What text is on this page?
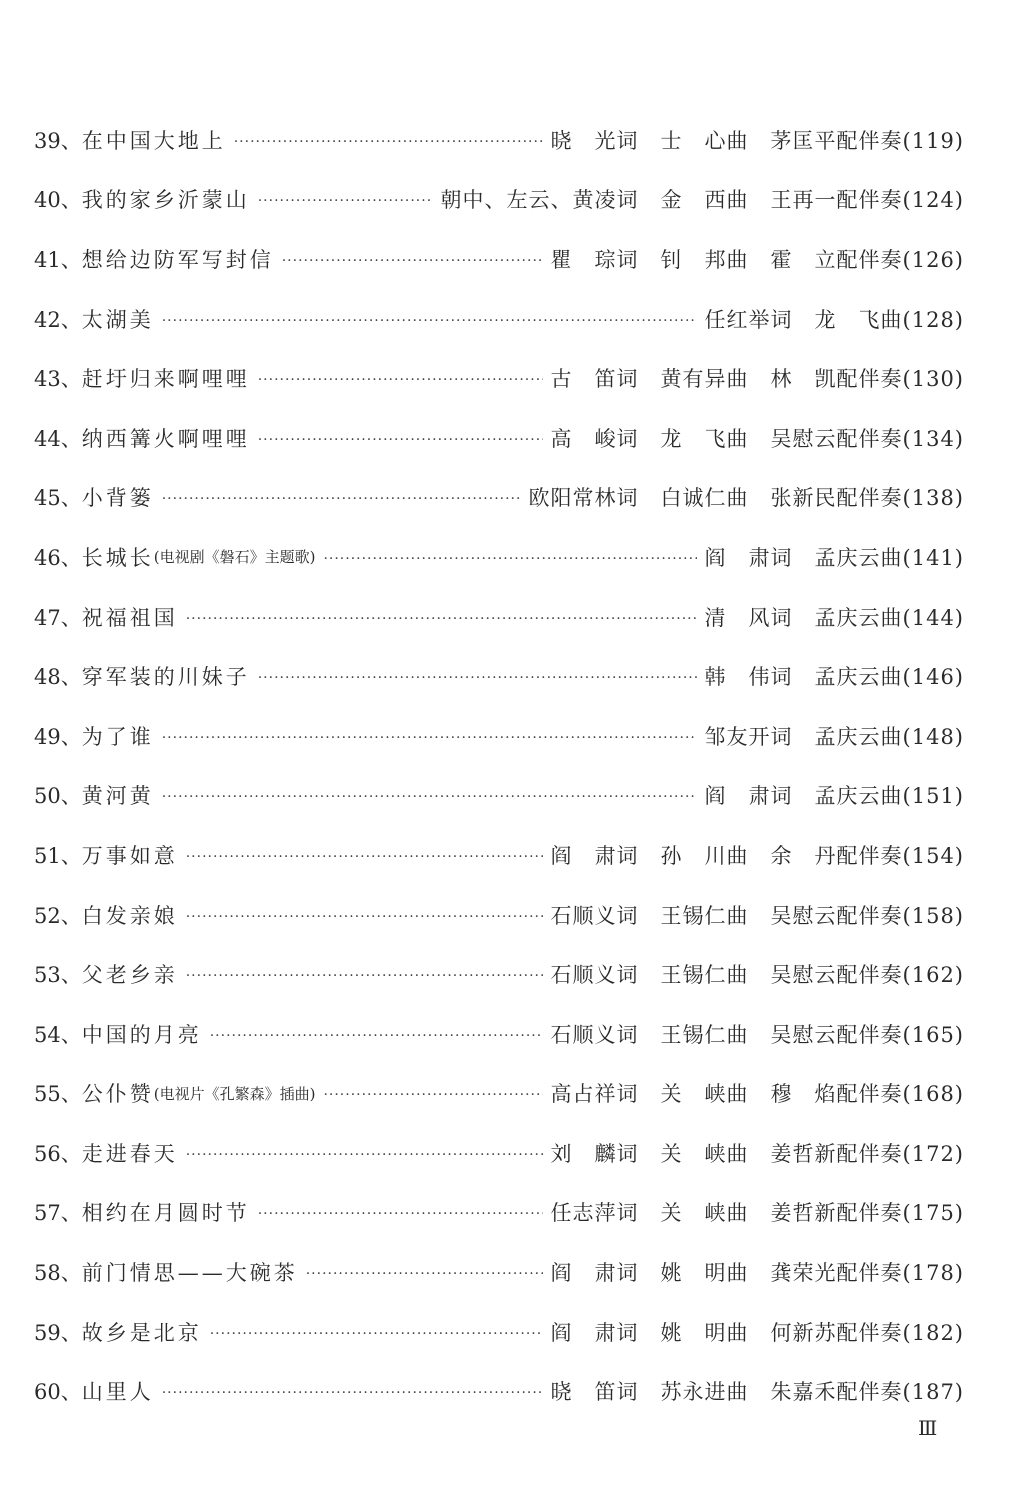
39、 在中国大地上 ·····	晓　光词　士　心曲　茅匡平配伴奏(119)
40、 我的家乡沂蒙山 ·····	朝中、左云、黄凌词　金　西曲　王再一配伴奏(124)
41、 想给边防军写封信 ·····	瞿　琮词　钊　邦曲　霍　立配伴奏(126)
42、 太湖美 ·····	任红举词　龙　飞曲(128)
43、 赶圩归来啊哩哩 ·····	古　笛词　黄有异曲　林　凯配伴奏(130)
44、 纳西篝火啊哩哩 ·····	高　峻词　龙　飞曲　吴慰云配伴奏(134)
45、 小背篓 ·····	欧阳常林词　白诚仁曲　张新民配伴奏(138)
46、 长城长 (电视剧《磐石》主题歌) ·····	阎　肃词　孟庆云曲(141)
47、 祝福祖国 ·····	清　风词　孟庆云曲(144)
48、 穿军装的川妹子 ·····	韩　伟词　孟庆云曲(146)
49、 为了谁 ·····	邹友开词　孟庆云曲(148)
50、 黄河黄 ·····	阎　肃词　孟庆云曲(151)
51、 万事如意 ·····	阎　肃词　孙　川曲　余　丹配伴奏(154)
52、 白发亲娘 ·····	石顺义词　王锡仁曲　吴慰云配伴奏(158)
53、 父老乡亲 ·····	石顺义词　王锡仁曲　吴慰云配伴奏(162)
54、 中国的月亮 ·····	石顺义词　王锡仁曲　吴慰云配伴奏(165)
55、 公仆赞 (电视片《孔繁森》插曲) ·····	高占祥词　关　峡曲　穆　焰配伴奏(168)
56、 走进春天 ·····	刘　麟词　关　峡曲　姜哲新配伴奏(172)
57、 相约在月圆时节 ·····	任志萍词　关　峡曲　姜哲新配伴奏(175)
58、 前门情思——大碗茶 ·····	阎　肃词　姚　明曲　龚荣光配伴奏(178)
59、 故乡是北京 ·····	阎　肃词　姚　明曲　何新苏配伴奏(182)
60、 山里人 ·····	晓　笛词　苏永进曲　朱嘉禾配伴奏(187)
Ⅲ
